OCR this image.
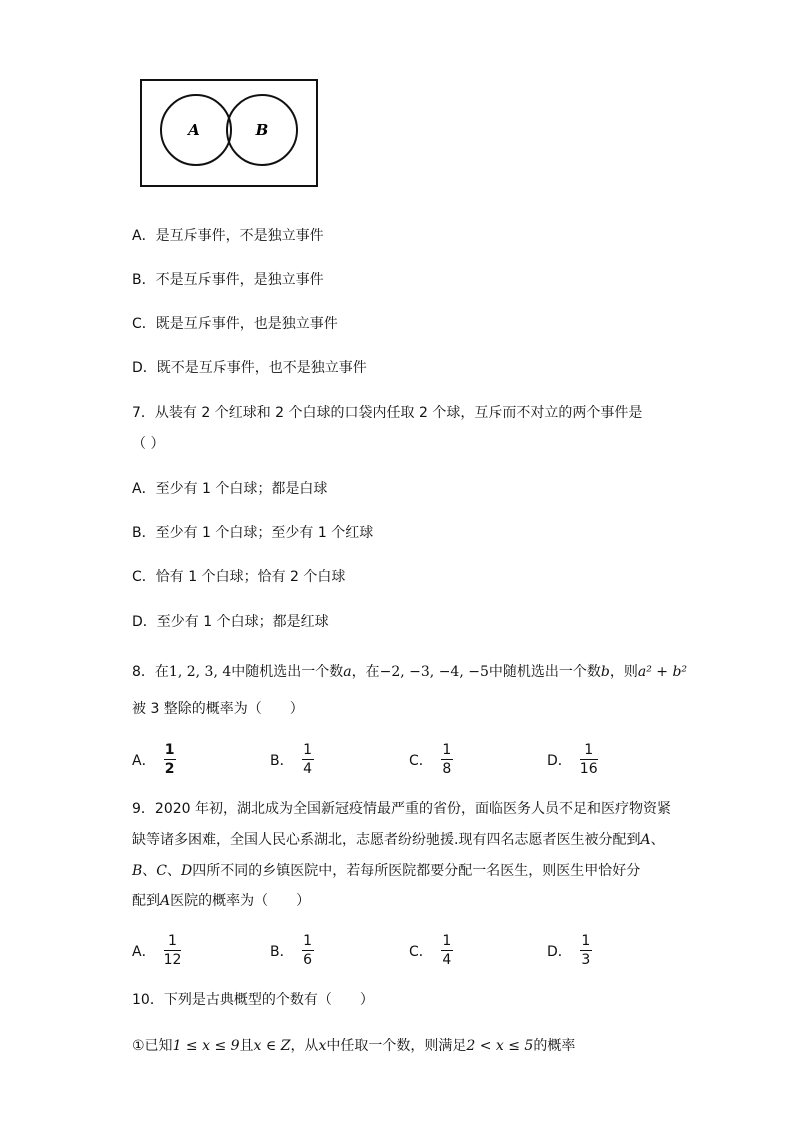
A	B
A．是互斥事件，不是独立事件
B．不是互斥事件，是独立事件
C．既是互斥事件，也是独立事件
D．既不是互斥事件，也不是独立事件
7．从装有 2 个红球和 2 个白球的口袋内任取 2 个球，互斥而不对立的两个事件是
（ ）
A．至少有 1 个白球；都是白球
B．至少有 1 个白球；至少有 1 个红球
C．恰有 1 个白球；恰有 2 个白球
D．至少有 1 个白球；都是红球
8．在1, 2, 3, 4中随机选出一个数a，在−2, −3, −4, −5中随机选出一个数b，则a² + b²
被 3 整除的概率为（　　）
A． $\frac{1}{2}$	B． $\frac{1}{4}$	C． $\frac{1}{8}$	D． $\frac{1}{16}$
9．2020 年初，湖北成为全国新冠疫情最严重的省份，面临医务人员不足和医疗物资紧
缺等诸多困难，全国人民心系湖北，志愿者纷纷驰援.现有四名志愿者医生被分配到A、
B、C、D四所不同的乡镇医院中，若每所医院都要分配一名医生，则医生甲恰好分
配到A医院的概率为（　　）
A． $\frac{1}{12}$	B． $\frac{1}{6}$	C． $\frac{1}{4}$	D． $\frac{1}{3}$
10．下列是古典概型的个数有（　　）
①已知1 ≤ x ≤ 9且x ∈ Z，从x中任取一个数，则满足2 < x ≤ 5的概率
